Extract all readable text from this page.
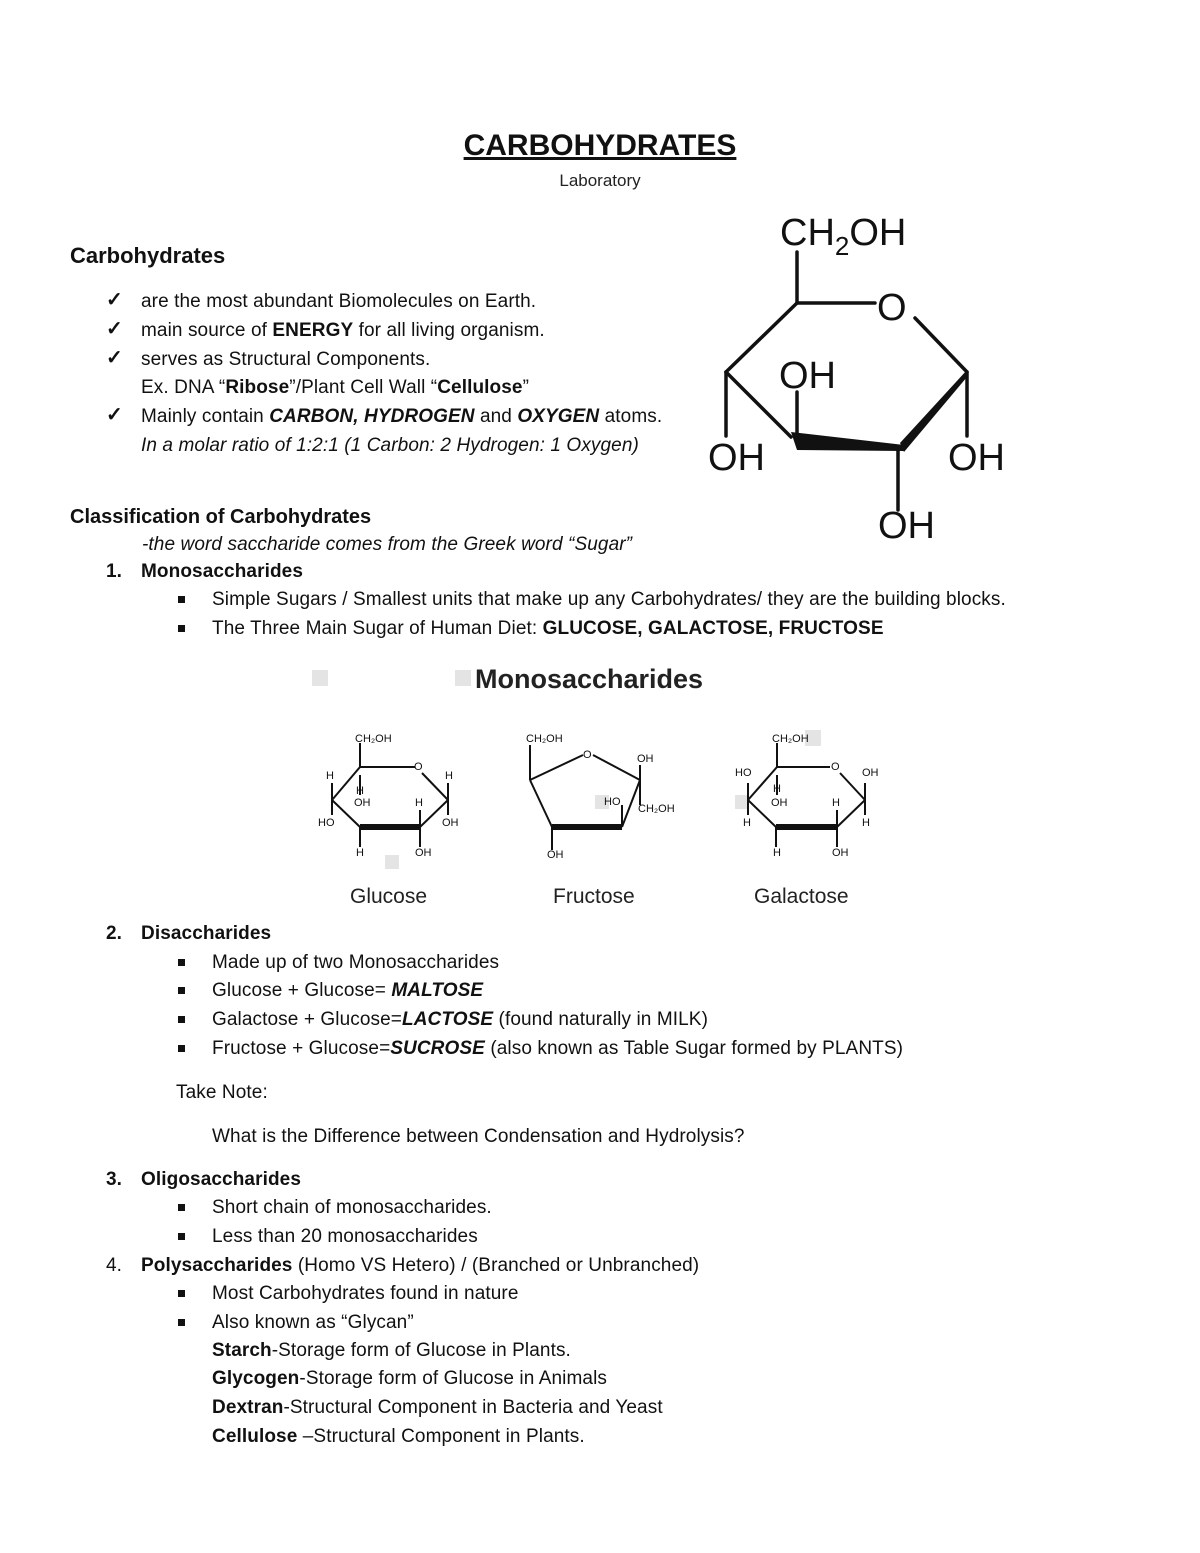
CARBOHYDRATES
Laboratory
Carbohydrates
✓ are the most abundant Biomolecules on Earth.
✓ main source of ENERGY for all living organism.
✓ serves as Structural Components.
Ex. DNA “Ribose”/Plant Cell Wall “Cellulose”
✓ Mainly contain CARBON, HYDROGEN and OXYGEN atoms.
In a molar ratio of 1:2:1 (1 Carbon: 2 Hydrogen: 1 Oxygen)
$CH_2OH$
O
OH
OH	OH
OH
Classification of Carbohydrates
-the word saccharide comes from the Greek word “Sugar”
1. Monosaccharides
Simple Sugars / Smallest units that make up any Carbohydrates/ they are the building blocks.
The Three Main Sugar of Human Diet: GLUCOSE, GALACTOSE, FRUCTOSE
Monosaccharides
CH₂OH
O
H	H
H
OH	H
HO	OH
H	OH
Glucose
CH₂OH
O	OH
HO
CH₂OH
OH
Fructose
CH₂OH
O
HO	OH
H
OH	H
H	H
H	OH
Galactose
2. Disaccharides
Made up of two Monosaccharides
Glucose + Glucose= MALTOSE
Galactose + Glucose=LACTOSE (found naturally in MILK)
Fructose + Glucose=SUCROSE (also known as Table Sugar formed by PLANTS)
Take Note:
What is the Difference between Condensation and Hydrolysis?
3. Oligosaccharides
Short chain of monosaccharides.
Less than 20 monosaccharides
4. Polysaccharides (Homo VS Hetero) / (Branched or Unbranched)
Most Carbohydrates found in nature
Also known as “Glycan”
Starch-Storage form of Glucose in Plants.
Glycogen-Storage form of Glucose in Animals
Dextran-Structural Component in Bacteria and Yeast
Cellulose –Structural Component in Plants.
